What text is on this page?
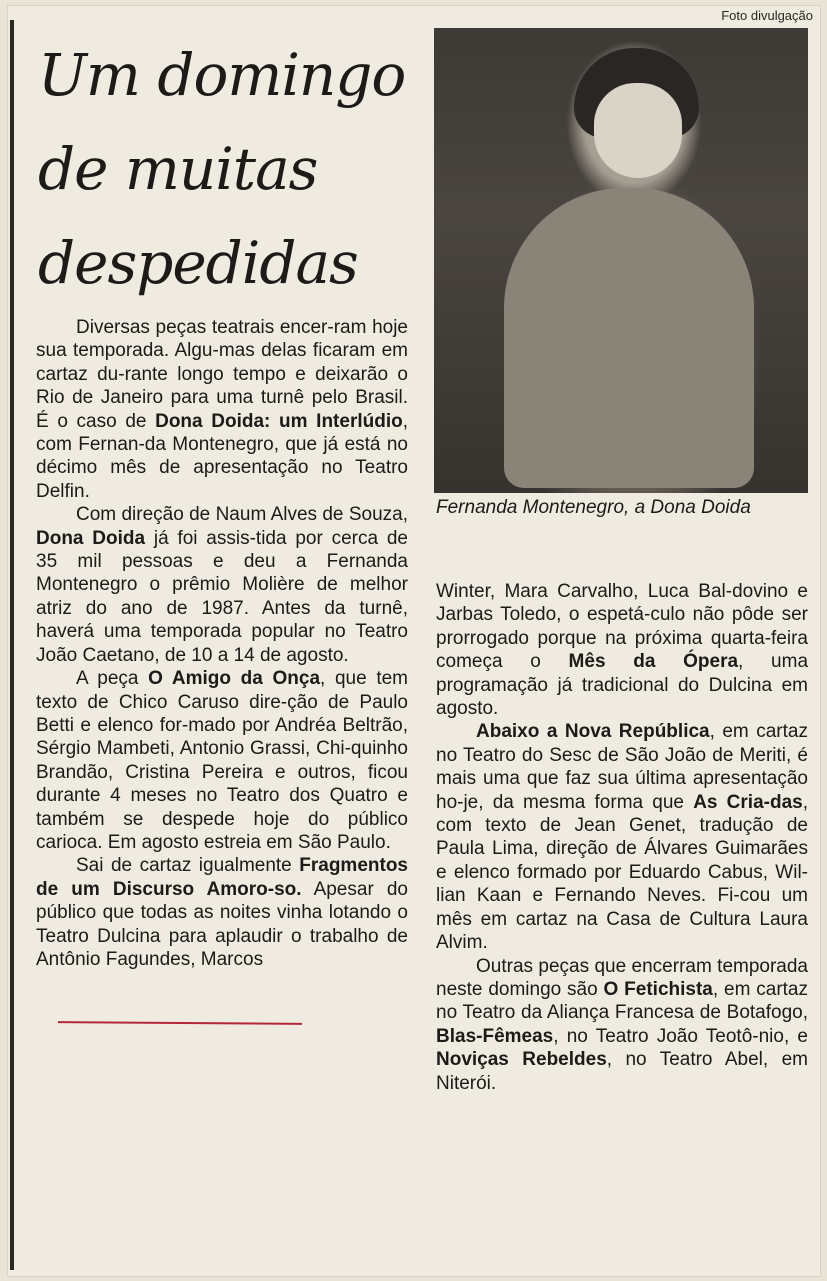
Foto divulgação
Um domingo de muitas despedidas

Fernanda Montenegro, a Dona Doida

Diversas peças teatrais encer-ram hoje sua temporada. Algu-mas delas ficaram em cartaz du-rante longo tempo e deixarão o Rio de Janeiro para uma turnê pelo Brasil. É o caso de Dona Doida: um Interlúdio, com Fernan-da Montenegro, que já está no décimo mês de apresentação no Teatro Delfin.

Com direção de Naum Alves de Souza, Dona Doida já foi assis-tida por cerca de 35 mil pessoas e deu a Fernanda Montenegro o prêmio Molière de melhor atriz do ano de 1987. Antes da turnê, haverá uma temporada popular no Teatro João Caetano, de 10 a 14 de agosto.

A peça O Amigo da Onça, que tem texto de Chico Caruso dire-ção de Paulo Betti e elenco for-mado por Andréa Beltrão, Sérgio Mambeti, Antonio Grassi, Chi-quinho Brandão, Cristina Pereira e outros, ficou durante 4 meses no Teatro dos Quatro e também se despede hoje do público carioca. Em agosto estreia em São Paulo.

Sai de cartaz igualmente Fragmentos de um Discurso Amoro-so. Apesar do público que todas as noites vinha lotando o Teatro Dulcina para aplaudir o trabalho de Antônio Fagundes, Marcos

Winter, Mara Carvalho, Luca Bal-dovino e Jarbas Toledo, o espetá-culo não pôde ser prorrogado porque na próxima quarta-feira começa o Mês da Ópera, uma programação já tradicional do Dulcina em agosto.

Abaixo a Nova República, em cartaz no Teatro do Sesc de São João de Meriti, é mais uma que faz sua última apresentação ho-je, da mesma forma que As Cria-das, com texto de Jean Genet, tradução de Paula Lima, direção de Álvares Guimarães e elenco formado por Eduardo Cabus, Wil-lian Kaan e Fernando Neves. Fi-cou um mês em cartaz na Casa de Cultura Laura Alvim.

Outras peças que encerram temporada neste domingo são O Fetichista, em cartaz no Teatro da Aliança Francesa de Botafogo, Blas-Fêmeas, no Teatro João Teotô-nio, e Noviças Rebeldes, no Teatro Abel, em Niterói.
